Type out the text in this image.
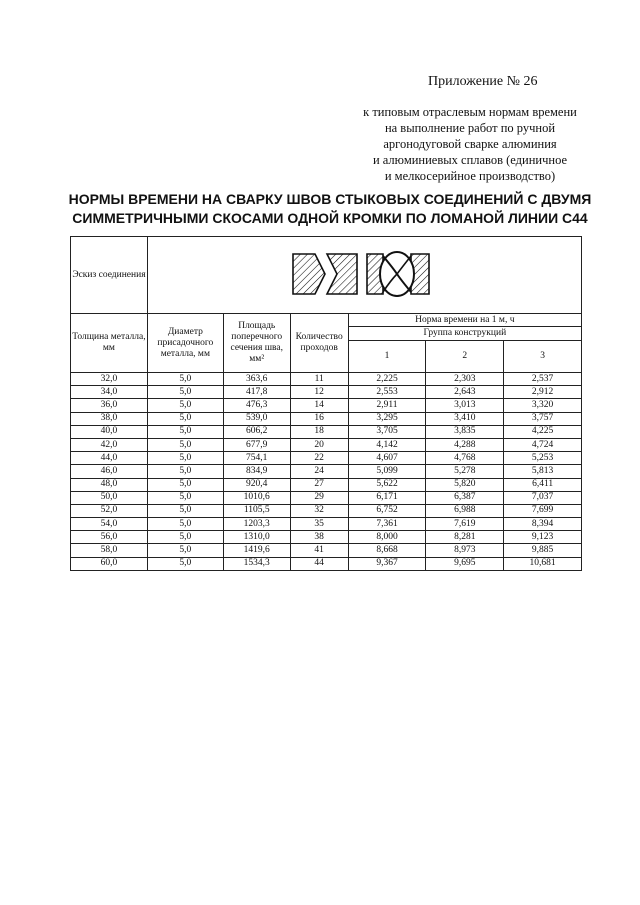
Приложение № 26
к типовым отраслевым нормам времени
на выполнение работ по ручной
аргонодуговой сварке алюминия
и алюминиевых сплавов (единичное
и мелкосерийное производство)
НОРМЫ ВРЕМЕНИ НА СВАРКУ ШВОВ СТЫКОВЫХ СОЕДИНЕНИЙ С ДВУМЯ
СИММЕТРИЧНЫМИ СКОСАМИ ОДНОЙ КРОМКИ ПО ЛОМАНОЙ ЛИНИИ С44
Эскиз соединения	

Толщина металла, мм	Диаметр присадочного металла, мм	Площадь поперечного сечения шва, мм²	Количество проходов	Норма времени на 1 м, ч		
				Группа конструкций		
				1	2	3
32,0	5,0	363,6	11	2,225	2,303	2,537
34,0	5,0	417,8	12	2,553	2,643	2,912
36,0	5,0	476,3	14	2,911	3,013	3,320
38,0	5,0	539,0	16	3,295	3,410	3,757
40,0	5,0	606,2	18	3,705	3,835	4,225
42,0	5,0	677,9	20	4,142	4,288	4,724
44,0	5,0	754,1	22	4,607	4,768	5,253
46,0	5,0	834,9	24	5,099	5,278	5,813
48,0	5,0	920,4	27	5,622	5,820	6,411
50,0	5,0	1010,6	29	6,171	6,387	7,037
52,0	5,0	1105,5	32	6,752	6,988	7,699
54,0	5,0	1203,3	35	7,361	7,619	8,394
56,0	5,0	1310,0	38	8,000	8,281	9,123
58,0	5,0	1419,6	41	8,668	8,973	9,885
60,0	5,0	1534,3	44	9,367	9,695	10,681
